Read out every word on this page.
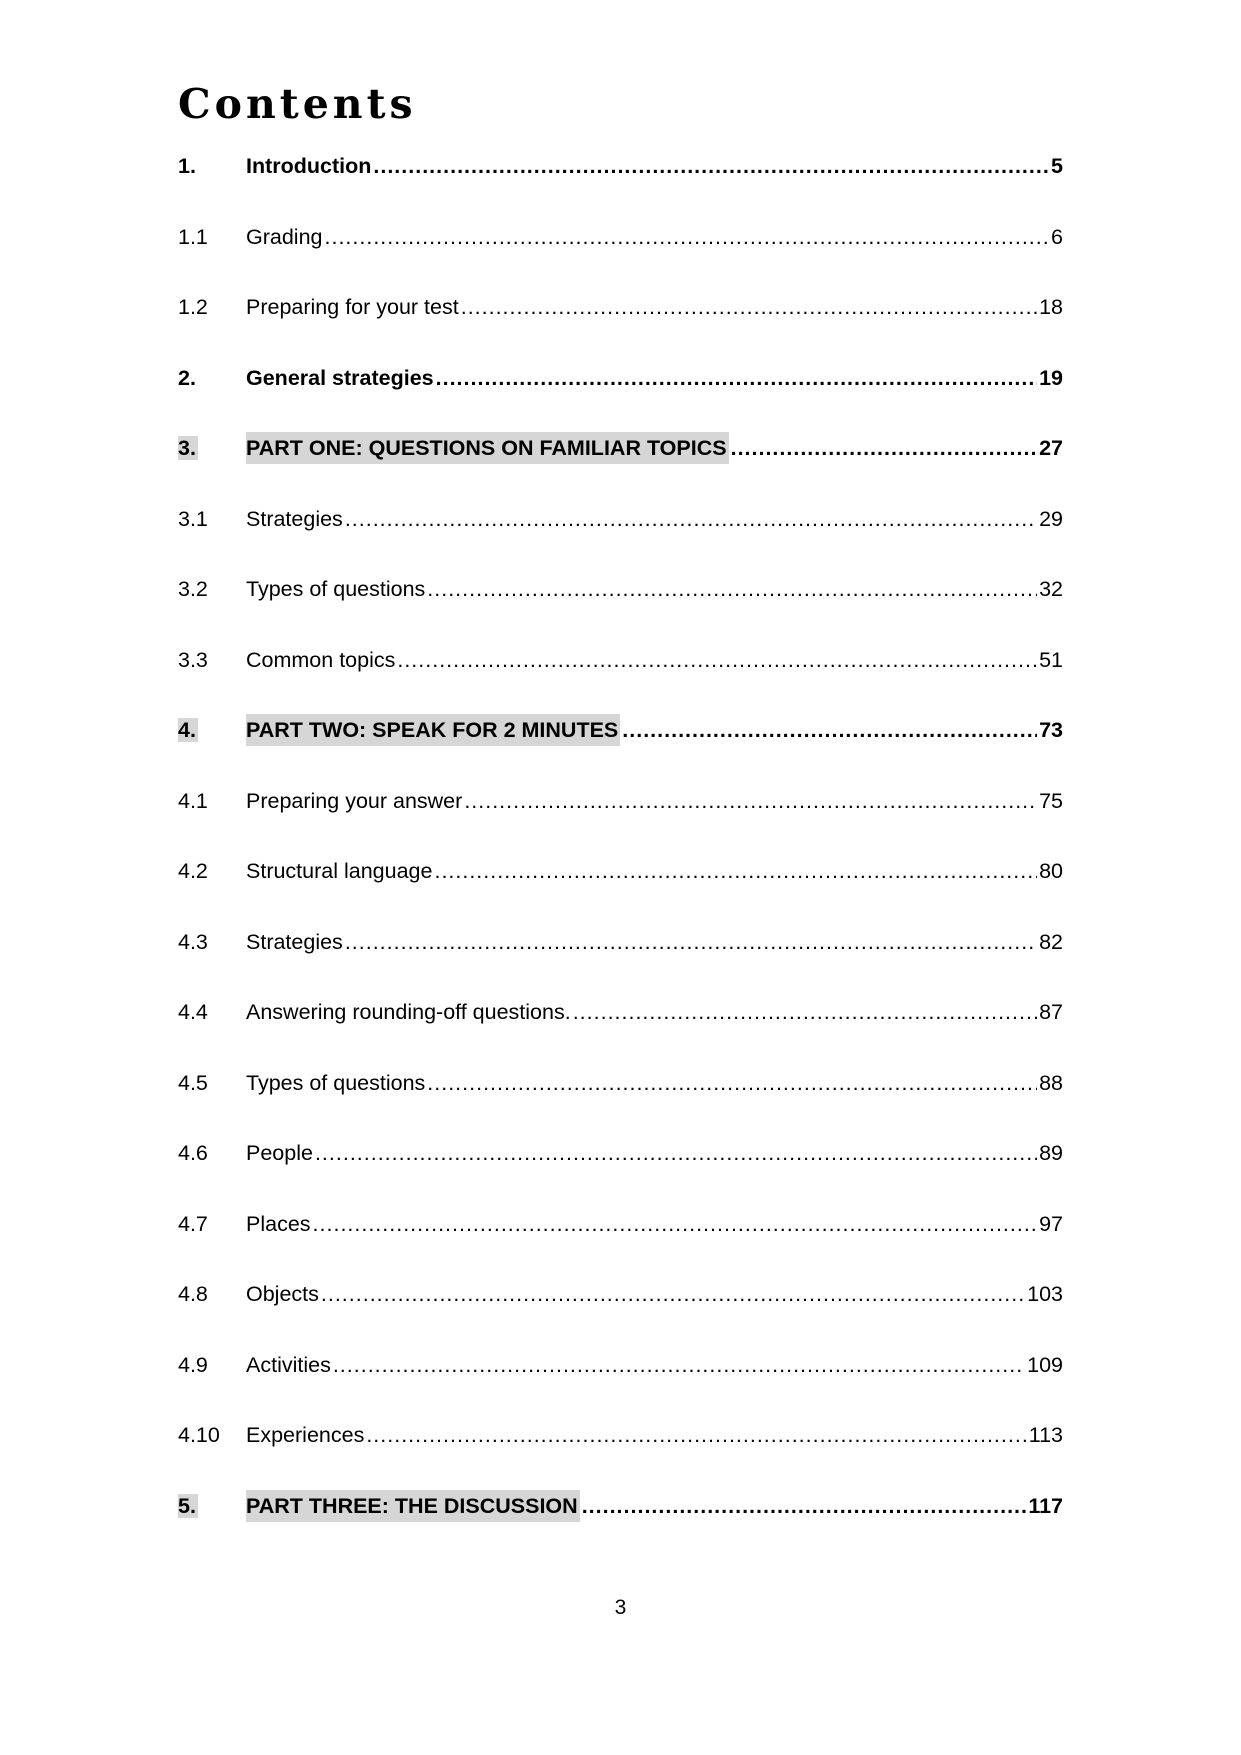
Contents
1.	Introduction .....	5
1.1	Grading .....	6
1.2	Preparing for your test .....	18
2.	General strategies .....	19
3.	PART ONE: QUESTIONS ON FAMILIAR TOPICS .....	27
3.1	Strategies .....	29
3.2	Types of questions .....	32
3.3	Common topics .....	51
4.	PART TWO: SPEAK FOR 2 MINUTES .....	73
4.1	Preparing your answer .....	75
4.2	Structural language .....	80
4.3	Strategies .....	82
4.4	Answering rounding-off questions. .....	87
4.5	Types of questions .....	88
4.6	People .....	89
4.7	Places .....	97
4.8	Objects .....	103
4.9	Activities .....	109
4.10	Experiences .....	113
5.	PART THREE: THE DISCUSSION .....	117
3
